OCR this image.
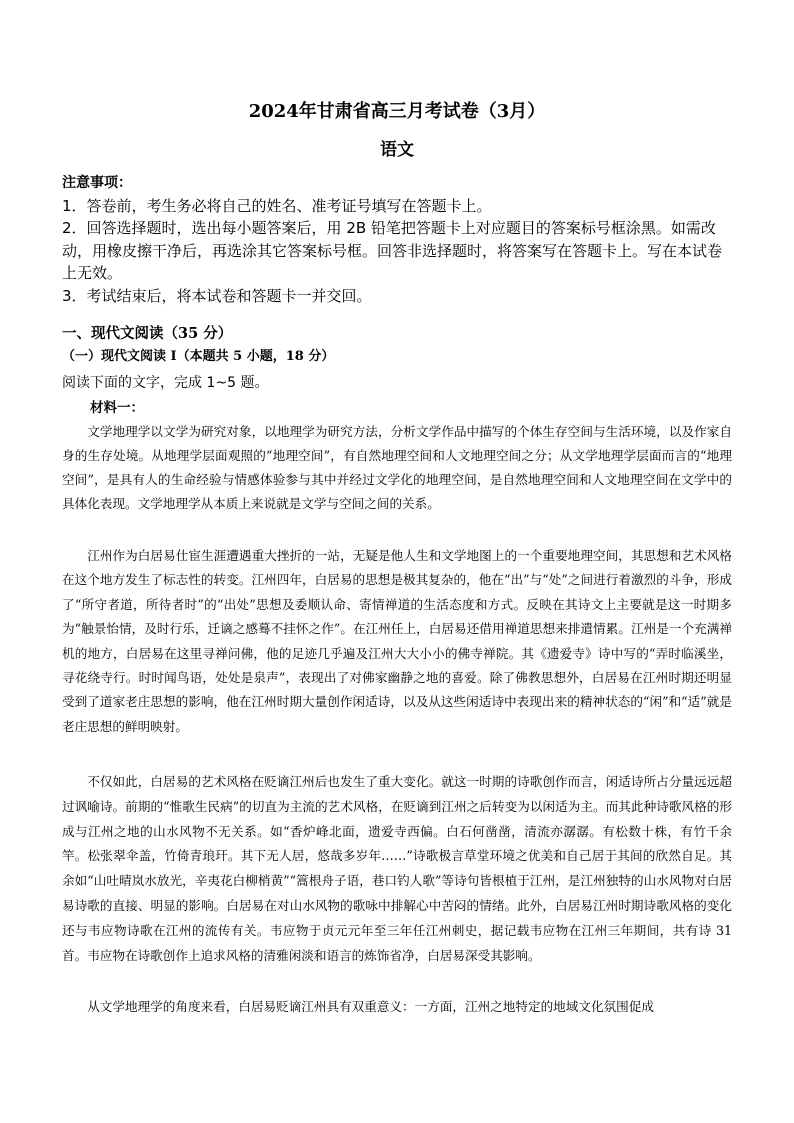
2024年甘肃省高三月考试卷（3月）
语文

注意事项：

1．答卷前，考生务必将自己的姓名、准考证号填写在答题卡上。

2．回答选择题时，选出每小题答案后，用 2B 铅笔把答题卡上对应题目的答案标号框涂黑。如需改动，用橡皮擦干净后，再选涂其它答案标号框。回答非选择题时，将答案写在答题卡上。写在本试卷上无效。

3．考试结束后，将本试卷和答题卡一并交回。

一、现代文阅读（35 分）
（一）现代文阅读 I（本题共 5 小题，18 分）
阅读下面的文字，完成 1~5 题。
材料一：

文学地理学以文学为研究对象，以地理学为研究方法，分析文学作品中描写的个体生存空间与生活环境，以及作家自身的生存处境。从地理学层面观照的“地理空间”，有自然地理空间和人文地理空间之分；从文学地理学层面而言的“地理空间”，是具有人的生命经验与情感体验参与其中并经过文学化的地理空间，是自然地理空间和人文地理空间在文学中的具体化表现。文学地理学从本质上来说就是文学与空间之间的关系。

江州作为白居易仕宦生涯遭遇重大挫折的一站，无疑是他人生和文学地图上的一个重要地理空间，其思想和艺术风格在这个地方发生了标志性的转变。江州四年，白居易的思想是极其复杂的，他在“出”与“处”之间进行着激烈的斗争，形成了“所守者道，所待者时”的“出处”思想及委顺认命、寄情禅道的生活态度和方式。反映在其诗文上主要就是这一时期多为“触景怡情，及时行乐，迁谪之感蓦不挂怀之作”。在江州任上，白居易还借用禅道思想来排遣情累。江州是一个充满禅机的地方，白居易在这里寻禅问佛，他的足迹几乎遍及江州大大小小的佛寺禅院。其《遗爱寺》诗中写的“弄时临溪坐，寻花绕寺行。时时闻鸟语，处处是泉声”，表现出了对佛家幽静之地的喜爱。除了佛教思想外，白居易在江州时期还明显受到了道家老庄思想的影响，他在江州时期大量创作闲适诗，以及从这些闲适诗中表现出来的精神状态的“闲”和“适”就是老庄思想的鲜明映射。

不仅如此，白居易的艺术风格在贬谪江州后也发生了重大变化。就这一时期的诗歌创作而言，闲适诗所占分量远远超过讽喻诗。前期的“惟歌生民病”的切直为主流的艺术风格，在贬谪到江州之后转变为以闲适为主。而其此种诗歌风格的形成与江州之地的山水风物不无关系。如“香炉峰北面，遗爱寺西偏。白石何凿凿，清流亦潺潺。有松数十株，有竹千余竿。松张翠伞盖，竹倚青琅玕。其下无人居，悠哉多岁年……”诗歌极言草堂环境之优美和自己居于其间的欣然自足。其余如“山吐晴岚水放光，辛夷花白柳梢黄”“篙根舟子语，巷口钓人歌”等诗句皆根植于江州，是江州独特的山水风物对白居易诗歌的直接、明显的影响。白居易在对山水风物的歌咏中排解心中苦闷的情绪。此外，白居易江州时期诗歌风格的变化还与韦应物诗歌在江州的流传有关。韦应物于贞元元年至三年任江州刺史，据记载韦应物在江州三年期间，共有诗 31 首。韦应物在诗歌创作上追求风格的清雅闲淡和语言的炼饰省净，白居易深受其影响。

从文学地理学的角度来看，白居易贬谪江州具有双重意义：一方面，江州之地特定的地域文化氛围促成
